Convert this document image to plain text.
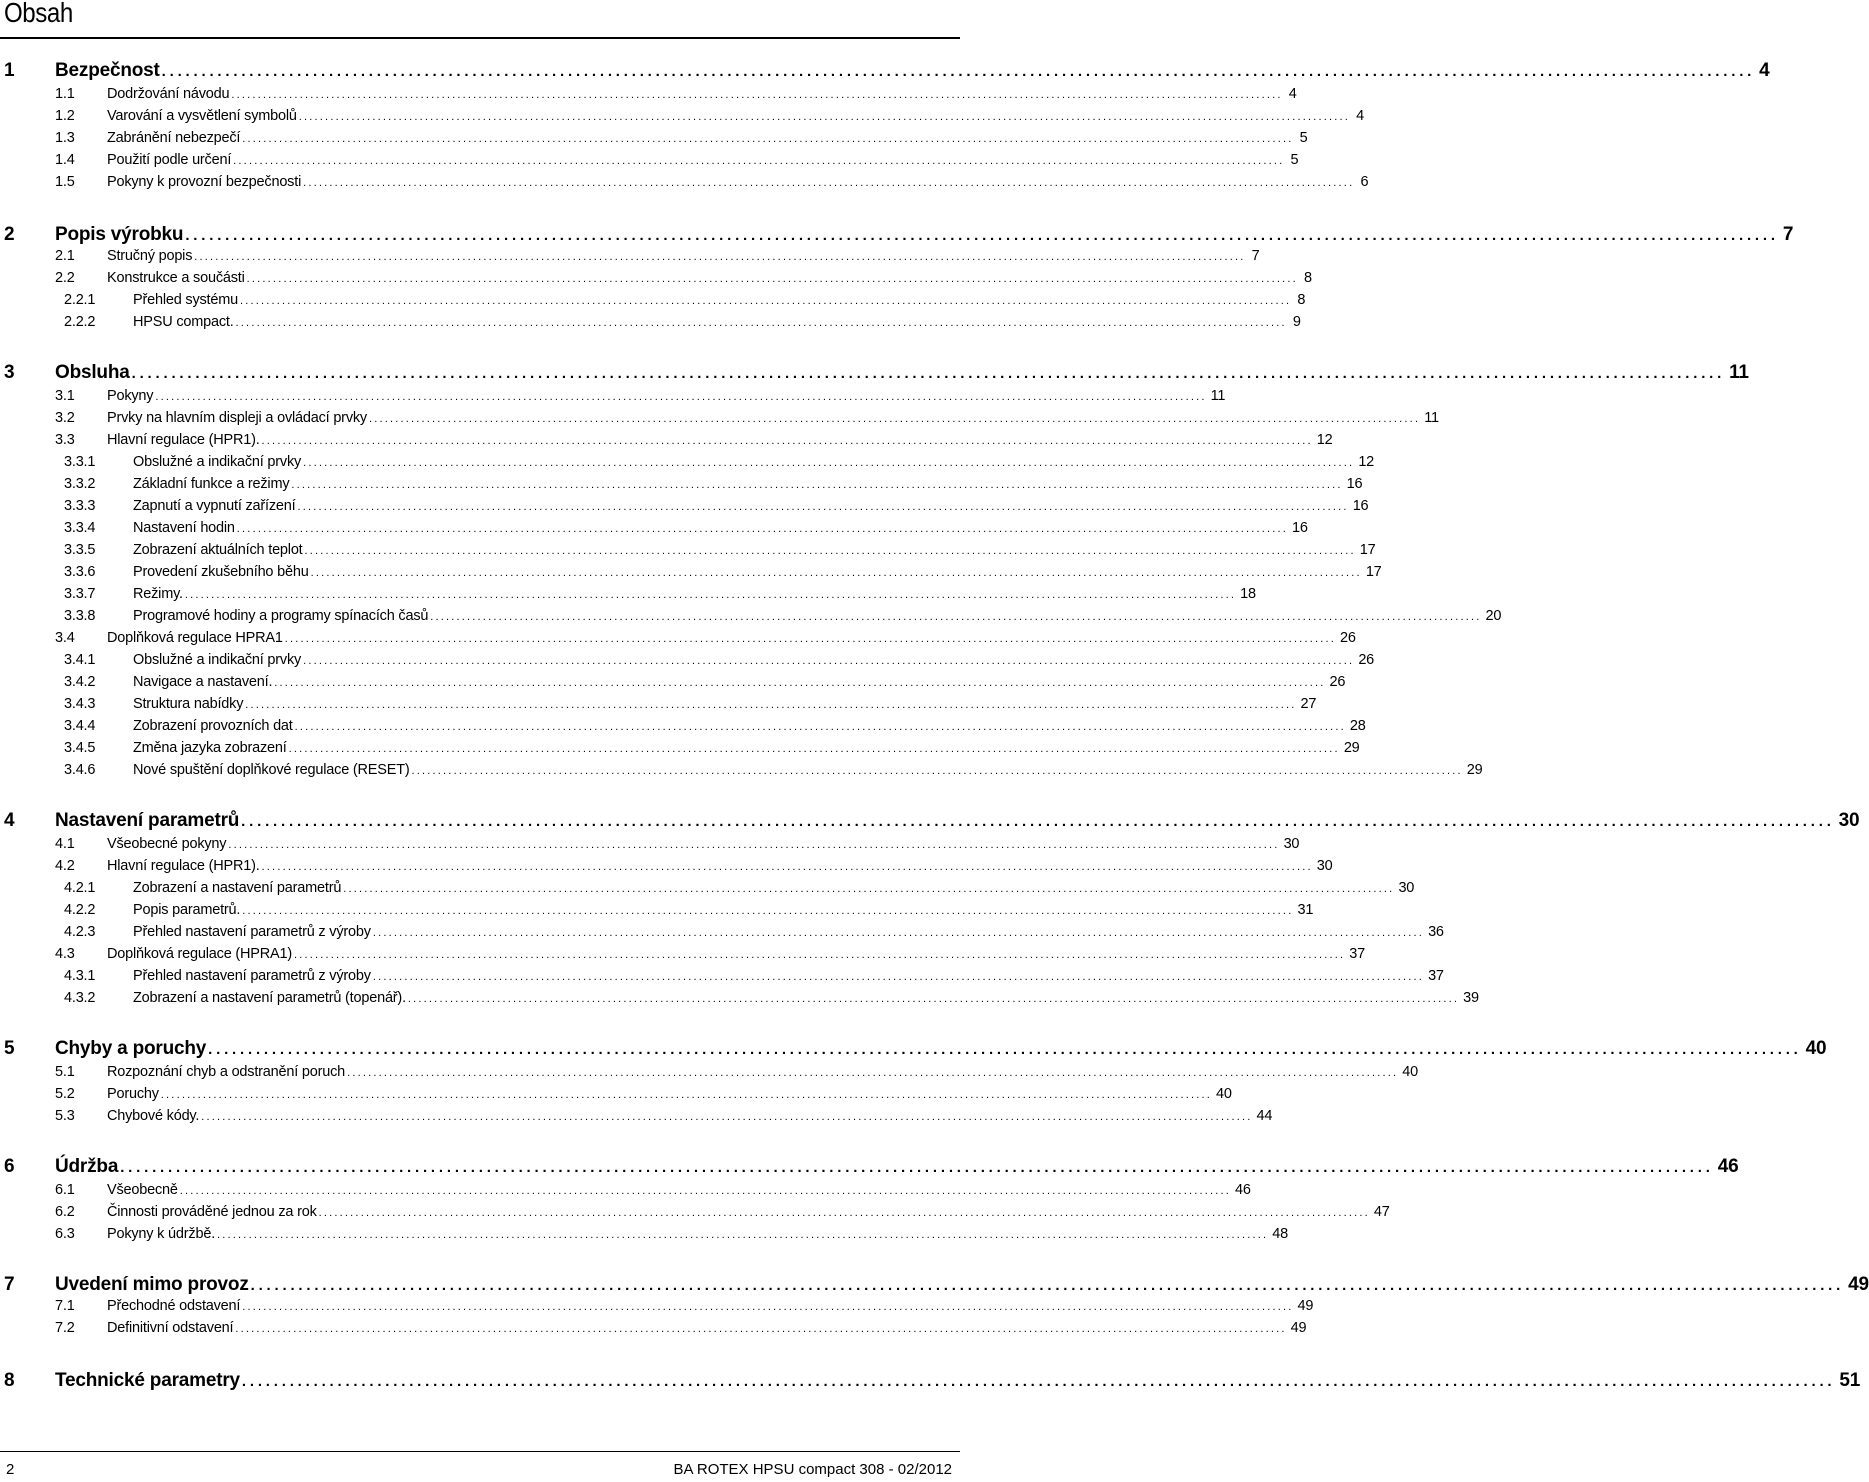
Obsah
1 Bezpečnost ........................................................................................................................................................................................................ 4
1.1 Dodržování návodu ........................................................................................................................................................................................................ 4
1.2 Varování a vysvětlení symbolů ........................................................................................................................................................................................................ 4
1.3 Zabránění nebezpečí ........................................................................................................................................................................................................ 5
1.4 Použití podle určení ........................................................................................................................................................................................................ 5
1.5 Pokyny k provozní bezpečnosti ........................................................................................................................................................................................................ 6
2 Popis výrobku ........................................................................................................................................................................................................ 7
2.1 Stručný popis ........................................................................................................................................................................................................ 7
2.2 Konstrukce a součásti ........................................................................................................................................................................................................ 8
2.2.1	Přehled systému ........................................................................................................................................................................................................ 8
2.2.2	HPSU compact. ........................................................................................................................................................................................................ 9
3 Obsluha ........................................................................................................................................................................................................ 11
3.1 Pokyny ........................................................................................................................................................................................................ 11
3.2 Prvky na hlavním displeji a ovládací prvky ........................................................................................................................................................................................................ 11
3.3 Hlavní regulace (HPR1). ........................................................................................................................................................................................................ 12
3.3.1	Obslužné a indikační prvky ........................................................................................................................................................................................................ 12
3.3.2	Základní funkce a režimy ........................................................................................................................................................................................................ 16
3.3.3	Zapnutí a vypnutí zařízení ........................................................................................................................................................................................................ 16
3.3.4	Nastavení hodin ........................................................................................................................................................................................................ 16
3.3.5	Zobrazení aktuálních teplot ........................................................................................................................................................................................................ 17
3.3.6	Provedení zkušebního běhu ........................................................................................................................................................................................................ 17
3.3.7	Režimy. ........................................................................................................................................................................................................ 18
3.3.8	Programové hodiny a programy spínacích časů ........................................................................................................................................................................................................ 20
3.4 Doplňková regulace HPRA1 ........................................................................................................................................................................................................ 26
3.4.1	Obslužné a indikační prvky ........................................................................................................................................................................................................ 26
3.4.2	Navigace a nastavení. ........................................................................................................................................................................................................ 26
3.4.3	Struktura nabídky ........................................................................................................................................................................................................ 27
3.4.4	Zobrazení provozních dat ........................................................................................................................................................................................................ 28
3.4.5	Změna jazyka zobrazení ........................................................................................................................................................................................................ 29
3.4.6	Nové spuštění doplňkové regulace (RESET) ........................................................................................................................................................................................................ 29
4 Nastavení parametrů ........................................................................................................................................................................................................ 30
4.1 Všeobecné pokyny ........................................................................................................................................................................................................ 30
4.2 Hlavní regulace (HPR1). ........................................................................................................................................................................................................ 30
4.2.1	Zobrazení a nastavení parametrů ........................................................................................................................................................................................................ 30
4.2.2	Popis parametrů. ........................................................................................................................................................................................................ 31
4.2.3	Přehled nastavení parametrů z výroby ........................................................................................................................................................................................................ 36
4.3 Doplňková regulace (HPRA1) ........................................................................................................................................................................................................ 37
4.3.1	Přehled nastavení parametrů z výroby ........................................................................................................................................................................................................ 37
4.3.2	Zobrazení a nastavení parametrů (topenář). ........................................................................................................................................................................................................ 39
5 Chyby a poruchy ........................................................................................................................................................................................................ 40
5.1 Rozpoznání chyb a odstranění poruch ........................................................................................................................................................................................................ 40
5.2 Poruchy ........................................................................................................................................................................................................ 40
5.3 Chybové kódy. ........................................................................................................................................................................................................ 44
6 Údržba ........................................................................................................................................................................................................ 46
6.1 Všeobecně ........................................................................................................................................................................................................ 46
6.2 Činnosti prováděné jednou za rok ........................................................................................................................................................................................................ 47
6.3 Pokyny k údržbě. ........................................................................................................................................................................................................ 48
7 Uvedení mimo provoz ........................................................................................................................................................................................................ 49
7.1 Přechodné odstavení ........................................................................................................................................................................................................ 49
7.2 Definitivní odstavení ........................................................................................................................................................................................................ 49
8 Technické parametry ........................................................................................................................................................................................................ 51
2	BA ROTEX HPSU compact 308 - 02/2012
